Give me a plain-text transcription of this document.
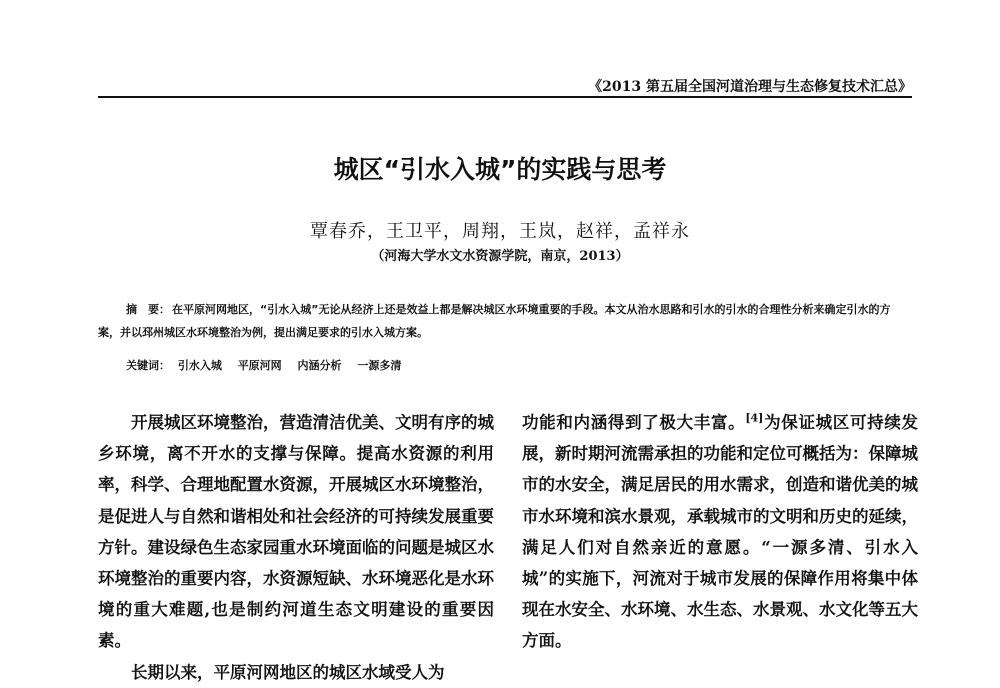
《2013 第五届全国河道治理与生态修复技术汇总》
城区“引水入城”的实践与思考
覃春乔，王卫平，周翔，王岚，赵祥，孟祥永
（河海大学水文水资源学院，南京，2013）
摘　要： 在平原河网地区，“引水入城”无论从经济上还是效益上都是解决城区水环境重要的手段。本文从治水思路和引水的引水的合理性分析来确定引水的方案，并以邳州城区水环境整治为例，提出满足要求的引水入城方案。
关键词： 引水入城 平原河网 内涵分析 一源多清

开展城区环境整治，营造清洁优美、文明有序的城乡环境，离不开水的支撑与保障。提高水资源的利用率，科学、合理地配置水资源，开展城区水环境整治，是促进人与自然和谐相处和社会经济的可持续发展重要方针。建设绿色生态家园重水环境面临的问题是城区水环境整治的重要内容，水资源短缺、水环境恶化是水环境的重大难题,也是制约河道生态文明建设的重要因素。

长期以来，平原河网地区的城区水域受人为

功能和内涵得到了极大丰富。[4]为保证城区可持续发展，新时期河流需承担的功能和定位可概括为：保障城市的水安全，满足居民的用水需求，创造和谐优美的城市水环境和滨水景观，承载城市的文明和历史的延续，满足人们对自然亲近的意愿。“一源多清、引水入城”的实施下，河流对于城市发展的保障作用将集中体现在水安全、水环境、水生态、水景观、水文化等五大方面。
